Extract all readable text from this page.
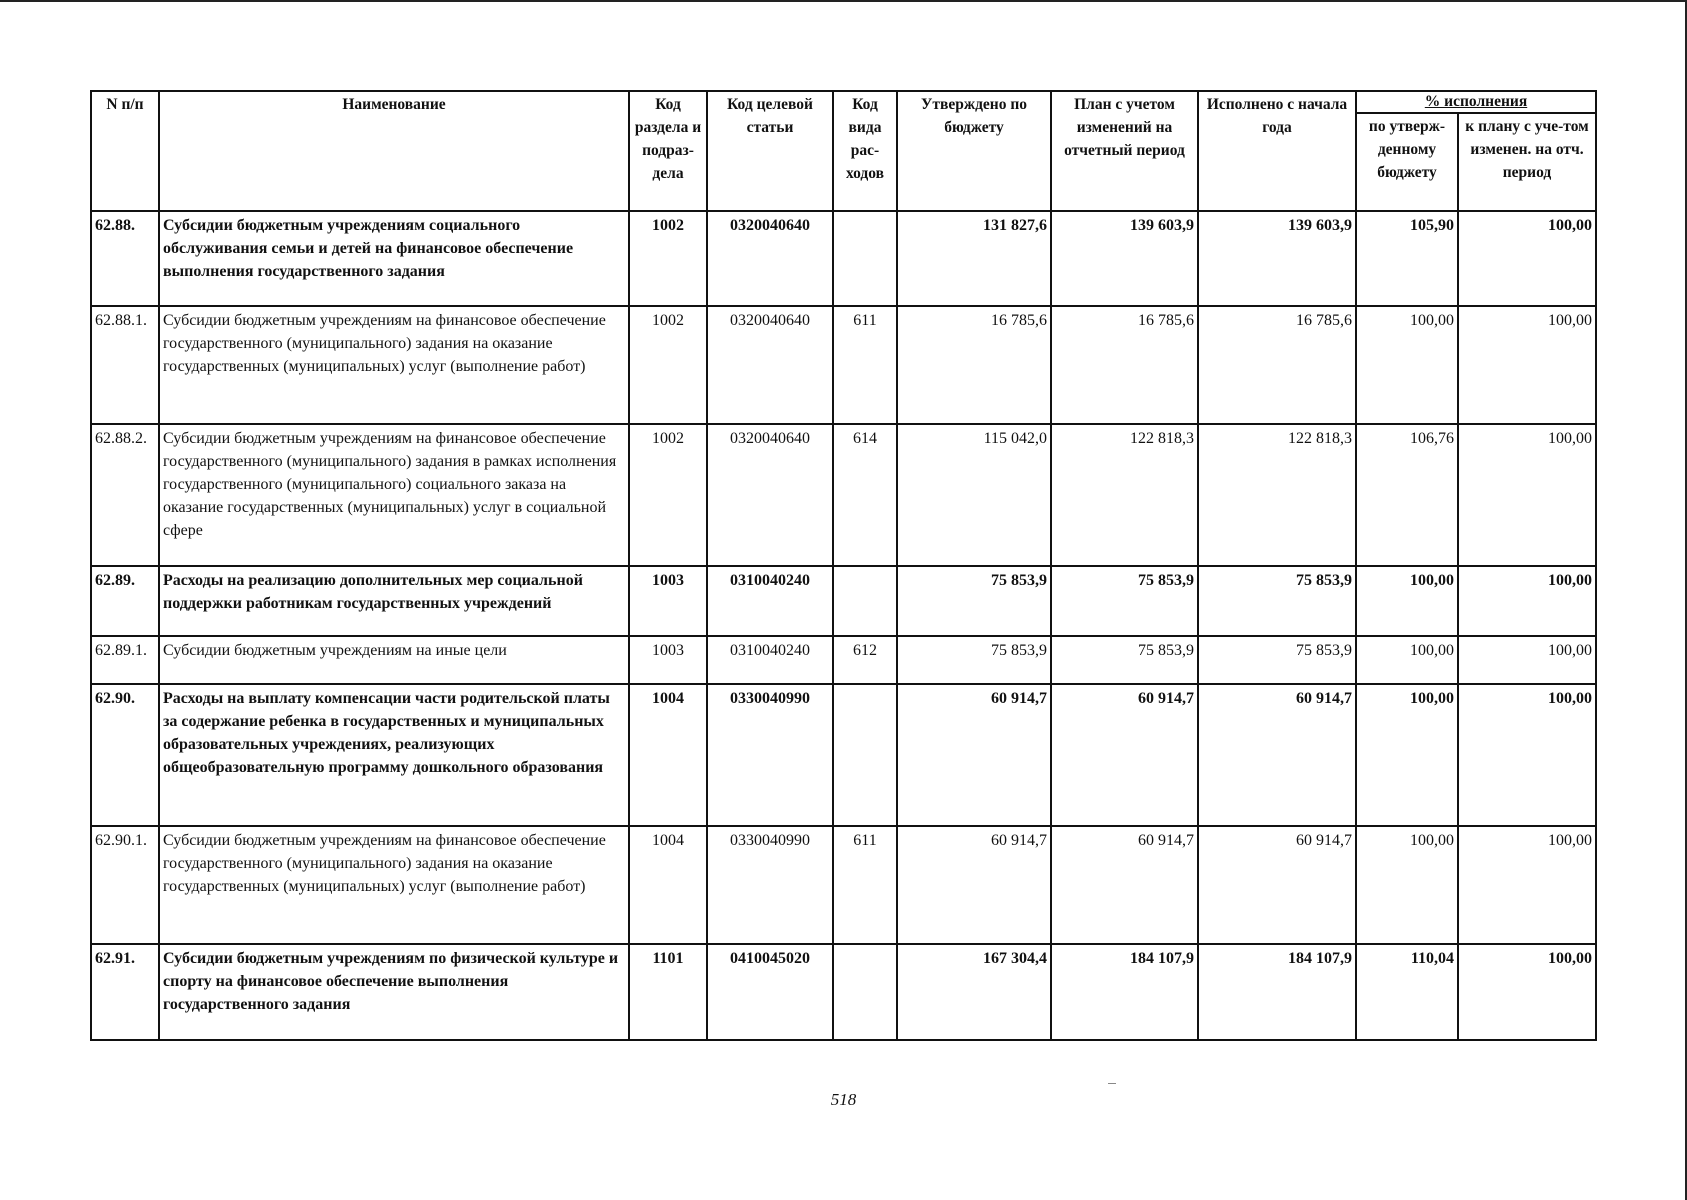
N п/п	Наименование	Код раздела и подраз-дела	Код целевой статьи	Код вида рас-ходов	Утверждено по бюджету	План с учетом изменений на отчетный период	Исполнено с начала года	% исполнения	
								по утверж-денному бюджету	к плану с уче-том изменен. на отч. период
62.88.	Субсидии бюджетным учреждениям социального обслуживания семьи и детей на финансовое обеспечение выполнения государственного задания	1002	0320040640		131 827,6	139 603,9	139 603,9	105,90	100,00
62.88.1.	Субсидии бюджетным учреждениям на финансовое обеспечение государственного (муниципального) задания на оказание государственных (муниципальных) услуг (выполнение работ)	1002	0320040640	611	16 785,6	16 785,6	16 785,6	100,00	100,00
62.88.2.	Субсидии бюджетным учреждениям на финансовое обеспечение государственного (муниципального) задания в рамках исполнения государственного (муниципального) социального заказа на оказание государственных (муниципальных) услуг в социальной сфере	1002	0320040640	614	115 042,0	122 818,3	122 818,3	106,76	100,00
62.89.	Расходы на реализацию дополнительных мер социальной поддержки работникам государственных учреждений	1003	0310040240		75 853,9	75 853,9	75 853,9	100,00	100,00
62.89.1.	Субсидии бюджетным учреждениям на иные цели	1003	0310040240	612	75 853,9	75 853,9	75 853,9	100,00	100,00
62.90.	Расходы на выплату компенсации части родительской платы за содержание ребенка в государственных и муниципальных образовательных учреждениях, реализующих общеобразовательную программу дошкольного образования	1004	0330040990		60 914,7	60 914,7	60 914,7	100,00	100,00
62.90.1.	Субсидии бюджетным учреждениям на финансовое обеспечение государственного (муниципального) задания на оказание государственных (муниципальных) услуг (выполнение работ)	1004	0330040990	611	60 914,7	60 914,7	60 914,7	100,00	100,00
62.91.	Субсидии бюджетным учреждениям по физической культуре и спорту на финансовое обеспечение выполнения государственного задания	1101	0410045020		167 304,4	184 107,9	184 107,9	110,04	100,00
518
